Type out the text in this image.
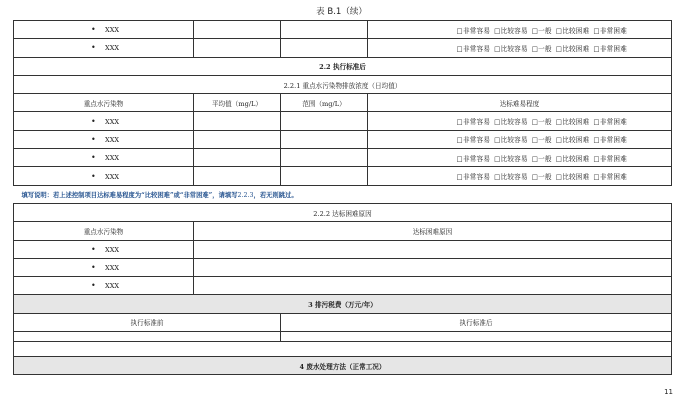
表 B.1（续）
• XXX			□非常容易 □比较容易 □一般 □比较困难 □非常困难
• XXX			□非常容易 □比较容易 □一般 □比较困难 □非常困难
2.2 执行标准后			
2.2.1 重点水污染物排放浓度（日均值）			
重点水污染物	平均值（mg/L）	范围（mg/L）	达标难易程度
• XXX			□非常容易 □比较容易 □一般 □比较困难 □非常困难
• XXX			□非常容易 □比较容易 □一般 □比较困难 □非常困难
• XXX			□非常容易 □比较容易 □一般 □比较困难 □非常困难
• XXX			□非常容易 □比较容易 □一般 □比较困难 □非常困难
填写说明：若上述控制项目达标难易程度为“比较困难”或“非常困难”，请填写2.2.3，若无则跳过。			
2.2.2 达标困难原因			
重点水污染物	达标困难原因		
• XXX			
• XXX			
• XXX			
3 排污税费（万元/年）			
执行标准前		执行标准后	

4 废水处理方法（正常工况）			
11
